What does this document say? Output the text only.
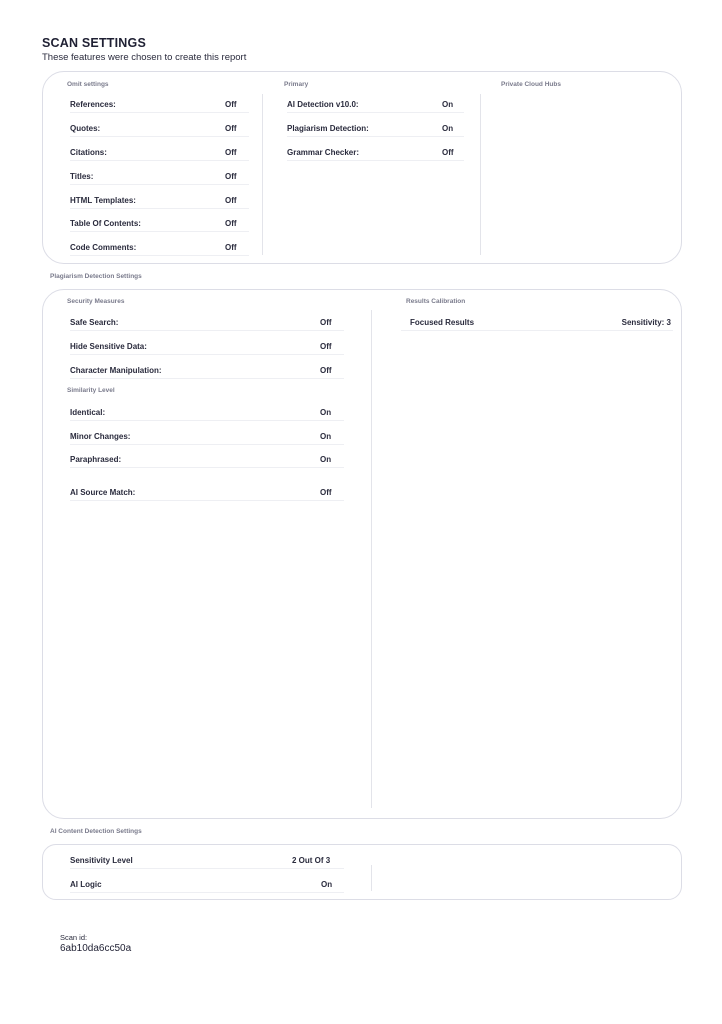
SCAN SETTINGS
These features were chosen to create this report
Omit settings	Primary	Private Cloud Hubs
References:	Off
Quotes:	Off
Citations:	Off
Titles:	Off
HTML Templates:	Off
Table Of Contents:	Off
Code Comments:	Off
AI Detection v10.0:	On
Plagiarism Detection:	On
Grammar Checker:	Off
Plagiarism Detection Settings
Security Measures	Results Calibration
Safe Search:	Off
Hide Sensitive Data:	Off
Character Manipulation:	Off
Similarity Level
Identical:	On
Minor Changes:	On
Paraphrased:	On
AI Source Match:	Off
Focused Results	Sensitivity: 3
AI Content Detection Settings
Sensitivity Level	2 Out Of 3
AI Logic	On
Scan id:
6ab10da6cc50a
